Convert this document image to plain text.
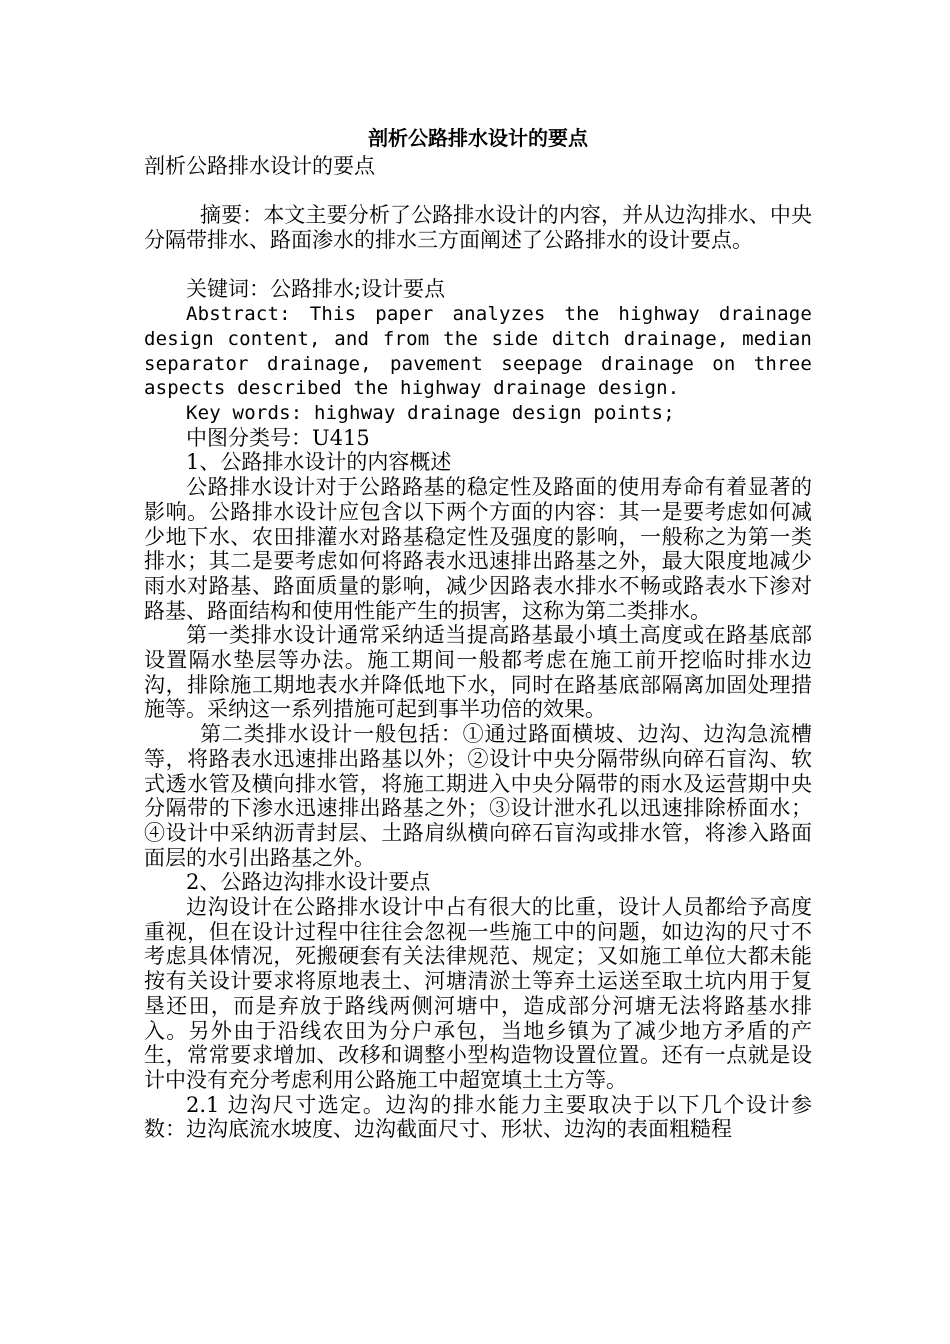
剖析公路排水设计的要点

剖析公路排水设计的要点

摘要：本文主要分析了公路排水设计的内容，并从边沟排水、中央分隔带排水、路面渗水的排水三方面阐述了公路排水的设计要点。

关键词：公路排水;设计要点

Abstract: This paper analyzes the highway drainage design content, and from the side ditch drainage, median separator drainage, pavement seepage drainage on three aspects described the highway drainage design.

Key words: highway drainage design points;

中图分类号：U415

1、公路排水设计的内容概述

公路排水设计对于公路路基的稳定性及路面的使用寿命有着显著的影响。公路排水设计应包含以下两个方面的内容：其一是要考虑如何减少地下水、农田排灌水对路基稳定性及强度的影响，一般称之为第一类排水；其二是要考虑如何将路表水迅速排出路基之外，最大限度地减少雨水对路基、路面质量的影响，减少因路表水排水不畅或路表水下渗对路基、路面结构和使用性能产生的损害，这称为第二类排水。

第一类排水设计通常采纳适当提高路基最小填土高度或在路基底部设置隔水垫层等办法。施工期间一般都考虑在施工前开挖临时排水边沟，排除施工期地表水并降低地下水，同时在路基底部隔离加固处理措施等。采纳这一系列措施可起到事半功倍的效果。

第二类排水设计一般包括：①通过路面横坡、边沟、边沟急流槽等，将路表水迅速排出路基以外；②设计中央分隔带纵向碎石盲沟、软式透水管及横向排水管，将施工期进入中央分隔带的雨水及运营期中央分隔带的下渗水迅速排出路基之外；③设计泄水孔以迅速排除桥面水；④设计中采纳沥青封层、土路肩纵横向碎石盲沟或排水管，将渗入路面面层的水引出路基之外。

2、公路边沟排水设计要点

边沟设计在公路排水设计中占有很大的比重，设计人员都给予高度重视，但在设计过程中往往会忽视一些施工中的问题，如边沟的尺寸不考虑具体情况，死搬硬套有关法律规范、规定；又如施工单位大都未能按有关设计要求将原地表土、河塘清淤土等弃土运送至取土坑内用于复垦还田，而是弃放于路线两侧河塘中，造成部分河塘无法将路基水排入。另外由于沿线农田为分户承包，当地乡镇为了减少地方矛盾的产生，常常要求增加、改移和调整小型构造物设置位置。还有一点就是设计中没有充分考虑利用公路施工中超宽填土土方等。

2.1 边沟尺寸选定。边沟的排水能力主要取决于以下几个设计参数：边沟底流水坡度、边沟截面尺寸、形状、边沟的表面粗糙程
